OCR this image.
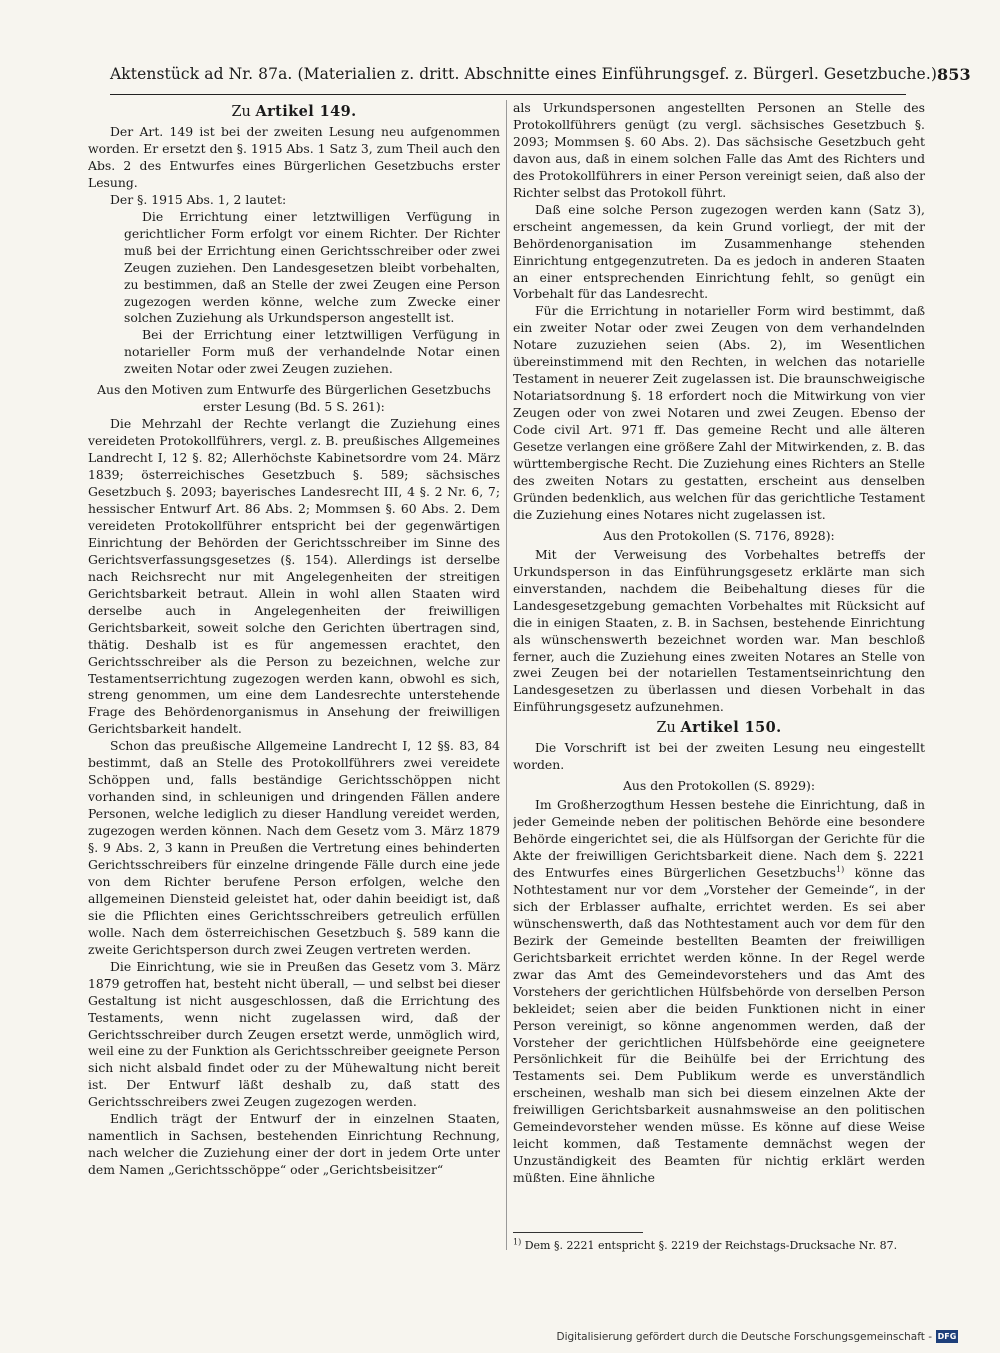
Aktenstück ad Nr. 87a. (Materialien z. dritt. Abschnitte eines Einführungsgef. z. Bürgerl. Gesetzbuche.) 853
Zu Artikel 149.

Der Art. 149 ist bei der zweiten Lesung neu aufgenommen worden. Er ersetzt den §. 1915 Abs. 1 Satz 3, zum Theil auch den Abs. 2 des Entwurfes eines Bürgerlichen Gesetzbuchs erster Lesung.

Der §. 1915 Abs. 1, 2 lautet:

Die Errichtung einer letztwilligen Verfügung in gerichtlicher Form erfolgt vor einem Richter. Der Richter muß bei der Errichtung einen Gerichtsschreiber oder zwei Zeugen zuziehen. Den Landesgesetzen bleibt vorbehalten, zu bestimmen, daß an Stelle der zwei Zeugen eine Person zugezogen werden könne, welche zum Zwecke einer solchen Zuziehung als Urkundsperson angestellt ist.

Bei der Errichtung einer letztwilligen Verfügung in notarieller Form muß der verhandelnde Notar einen zweiten Notar oder zwei Zeugen zuziehen.

Aus den Motiven zum Entwurfe des Bürgerlichen Gesetzbuchs erster Lesung (Bd. 5 S. 261):

Die Mehrzahl der Rechte verlangt die Zuziehung eines vereideten Protokollführers, vergl. z. B. preußisches Allgemeines Landrecht I, 12 §. 82; Allerhöchste Kabinetsordre vom 24. März 1839; österreichisches Gesetzbuch §. 589; sächsisches Gesetzbuch §. 2093; bayerisches Landesrecht III, 4 §. 2 Nr. 6, 7; hessischer Entwurf Art. 86 Abs. 2; Mommsen §. 60 Abs. 2. Dem vereideten Protokollführer entspricht bei der gegenwärtigen Einrichtung der Behörden der Gerichtsschreiber im Sinne des Gerichtsverfassungsgesetzes (§. 154). Allerdings ist derselbe nach Reichsrecht nur mit Angelegenheiten der streitigen Gerichtsbarkeit betraut. Allein in wohl allen Staaten wird derselbe auch in Angelegenheiten der freiwilligen Gerichtsbarkeit, soweit solche den Gerichten übertragen sind, thätig. Deshalb ist es für angemessen erachtet, den Gerichtsschreiber als die Person zu bezeichnen, welche zur Testamentserrichtung zugezogen werden kann, obwohl es sich, streng genommen, um eine dem Landesrechte unterstehende Frage des Behördenorganismus in Ansehung der freiwilligen Gerichtsbarkeit handelt.

Schon das preußische Allgemeine Landrecht I, 12 §§. 83, 84 bestimmt, daß an Stelle des Protokollführers zwei vereidete Schöppen und, falls beständige Gerichtsschöppen nicht vorhanden sind, in schleunigen und dringenden Fällen andere Personen, welche lediglich zu dieser Handlung vereidet werden, zugezogen werden können. Nach dem Gesetz vom 3. März 1879 §. 9 Abs. 2, 3 kann in Preußen die Vertretung eines behinderten Gerichtsschreibers für einzelne dringende Fälle durch eine jede von dem Richter berufene Person erfolgen, welche den allgemeinen Diensteid geleistet hat, oder dahin beeidigt ist, daß sie die Pflichten eines Gerichtsschreibers getreulich erfüllen wolle. Nach dem österreichischen Gesetzbuch §. 589 kann die zweite Gerichtsperson durch zwei Zeugen vertreten werden.

Die Einrichtung, wie sie in Preußen das Gesetz vom 3. März 1879 getroffen hat, besteht nicht überall, — und selbst bei dieser Gestaltung ist nicht ausgeschlossen, daß die Errichtung des Testaments, wenn nicht zugelassen wird, daß der Gerichtsschreiber durch Zeugen ersetzt werde, unmöglich wird, weil eine zu der Funktion als Gerichtsschreiber geeignete Person sich nicht alsbald findet oder zu der Mühewaltung nicht bereit ist. Der Entwurf läßt deshalb zu, daß statt des Gerichtsschreibers zwei Zeugen zugezogen werden.

Endlich trägt der Entwurf der in einzelnen Staaten, namentlich in Sachsen, bestehenden Einrichtung Rechnung, nach welcher die Zuziehung einer der dort in jedem Orte unter dem Namen „Gerichtsschöppe“ oder „Gerichtsbeisitzer“

als Urkundspersonen angestellten Personen an Stelle des Protokollführers genügt (zu vergl. sächsisches Gesetzbuch §. 2093; Mommsen §. 60 Abs. 2). Das sächsische Gesetzbuch geht davon aus, daß in einem solchen Falle das Amt des Richters und des Protokollführers in einer Person vereinigt seien, daß also der Richter selbst das Protokoll führt.

Daß eine solche Person zugezogen werden kann (Satz 3), erscheint angemessen, da kein Grund vorliegt, der mit der Behördenorganisation im Zusammenhange stehenden Einrichtung entgegenzutreten. Da es jedoch in anderen Staaten an einer entsprechenden Einrichtung fehlt, so genügt ein Vorbehalt für das Landesrecht.

Für die Errichtung in notarieller Form wird bestimmt, daß ein zweiter Notar oder zwei Zeugen von dem verhandelnden Notare zuzuziehen seien (Abs. 2), im Wesentlichen übereinstimmend mit den Rechten, in welchen das notarielle Testament in neuerer Zeit zugelassen ist. Die braunschweigische Notariatsordnung §. 18 erfordert noch die Mitwirkung von vier Zeugen oder von zwei Notaren und zwei Zeugen. Ebenso der Code civil Art. 971 ff. Das gemeine Recht und alle älteren Gesetze verlangen eine größere Zahl der Mitwirkenden, z. B. das württembergische Recht. Die Zuziehung eines Richters an Stelle des zweiten Notars zu gestatten, erscheint aus denselben Gründen bedenklich, aus welchen für das gerichtliche Testament die Zuziehung eines Notares nicht zugelassen ist.

Aus den Protokollen (S. 7176, 8928):

Mit der Verweisung des Vorbehaltes betreffs der Urkundsperson in das Einführungsgesetz erklärte man sich einverstanden, nachdem die Beibehaltung dieses für die Landesgesetzgebung gemachten Vorbehaltes mit Rücksicht auf die in einigen Staaten, z. B. in Sachsen, bestehende Einrichtung als wünschenswerth bezeichnet worden war. Man beschloß ferner, auch die Zuziehung eines zweiten Notares an Stelle von zwei Zeugen bei der notariellen Testamentseinrichtung den Landesgesetzen zu überlassen und diesen Vorbehalt in das Einführungsgesetz aufzunehmen.

Zu Artikel 150.

Die Vorschrift ist bei der zweiten Lesung neu eingestellt worden.

Aus den Protokollen (S. 8929):

Im Großherzogthum Hessen bestehe die Einrichtung, daß in jeder Gemeinde neben der politischen Behörde eine besondere Behörde eingerichtet sei, die als Hülfsorgan der Gerichte für die Akte der freiwilligen Gerichtsbarkeit diene. Nach dem §. 2221 des Entwurfes eines Bürgerlichen Gesetzbuchs$^{1)}$ könne das Nothtestament nur vor dem „Vorsteher der Gemeinde“, in der sich der Erblasser aufhalte, errichtet werden. Es sei aber wünschenswerth, daß das Nothtestament auch vor dem für den Bezirk der Gemeinde bestellten Beamten der freiwilligen Gerichtsbarkeit errichtet werden könne. In der Regel werde zwar das Amt des Gemeindevorstehers und das Amt des Vorstehers der gerichtlichen Hülfsbehörde von derselben Person bekleidet; seien aber die beiden Funktionen nicht in einer Person vereinigt, so könne angenommen werden, daß der Vorsteher der gerichtlichen Hülfsbehörde eine geeignetere Persönlichkeit für die Beihülfe bei der Errichtung des Testaments sei. Dem Publikum werde es unverständlich erscheinen, weshalb man sich bei diesem einzelnen Akte der freiwilligen Gerichtsbarkeit ausnahmsweise an den politischen Gemeindevorsteher wenden müsse. Es könne auf diese Weise leicht kommen, daß Testamente demnächst wegen der Unzuständigkeit des Beamten für nichtig erklärt werden müßten. Eine ähnliche

$^{1)}$ Dem §. 2221 entspricht §. 2219 der Reichstags-Drucksache Nr. 87.
Digitalisierung gefördert durch die Deutsche Forschungsgemeinschaft - DFG
